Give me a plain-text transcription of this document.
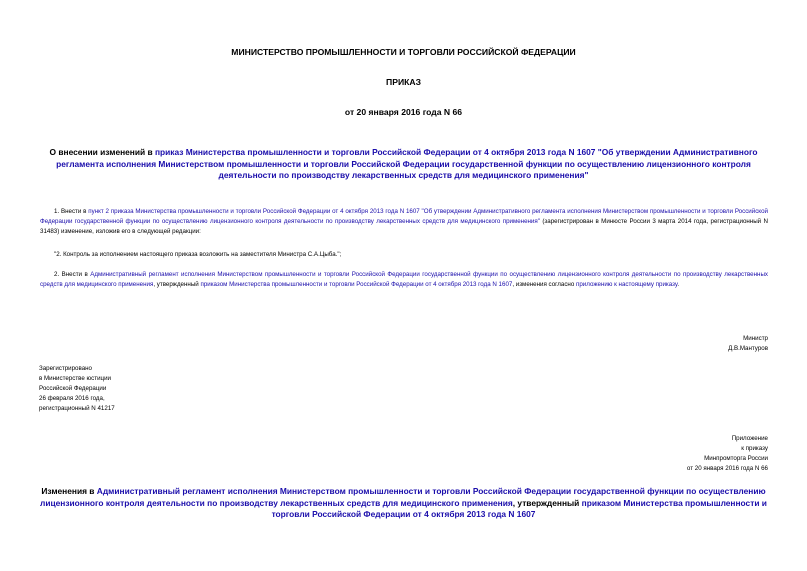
МИНИСТЕРСТВО ПРОМЫШЛЕННОСТИ И ТОРГОВЛИ РОССИЙСКОЙ ФЕДЕРАЦИИ
ПРИКАЗ
от 20 января 2016 года N 66
О внесении изменений в приказ Министерства промышленности и торговли Российской Федерации от 4 октября 2013 года N 1607 "Об утверждении Административного регламента исполнения Министерством промышленности и торговли Российской Федерации государственной функции по осуществлению лицензионного контроля деятельности по производству лекарственных средств для медицинского применения"
1. Внести в пункт 2 приказа Министерства промышленности и торговли Российской Федерации от 4 октября 2013 года N 1607 "Об утверждении Административного регламента исполнения Министерством промышленности и торговли Российской Федерации государственной функции по осуществлению лицензионного контроля деятельности по производству лекарственных средств для медицинского применения" (зарегистрирован в Минюсте России 3 марта 2014 года, регистрационный N 31483) изменение, изложив его в следующей редакции:
"2. Контроль за исполнением настоящего приказа возложить на заместителя Министра С.А.Цыба.";
2. Внести в Административный регламент исполнения Министерством промышленности и торговли Российской Федерации государственной функции по осуществлению лицензионного контроля деятельности по производству лекарственных средств для медицинского применения, утвержденный приказом Министерства промышленности и торговли Российской Федерации от 4 октября 2013 года N 1607, изменения согласно приложению к настоящему приказу.
Министр
Д.В.Мантуров
Зарегистрировано
в Министерстве юстиции
Российской Федерации
26 февраля 2016 года,
регистрационный N 41217
Приложение
к приказу
Минпромторга России
от 20 января 2016 года N 66
Изменения в Административный регламент исполнения Министерством промышленности и торговли Российской Федерации государственной функции по осуществлению лицензионного контроля деятельности по производству лекарственных средств для медицинского применения, утвержденный приказом Министерства промышленности и торговли Российской Федерации от 4 октября 2013 года N 1607
